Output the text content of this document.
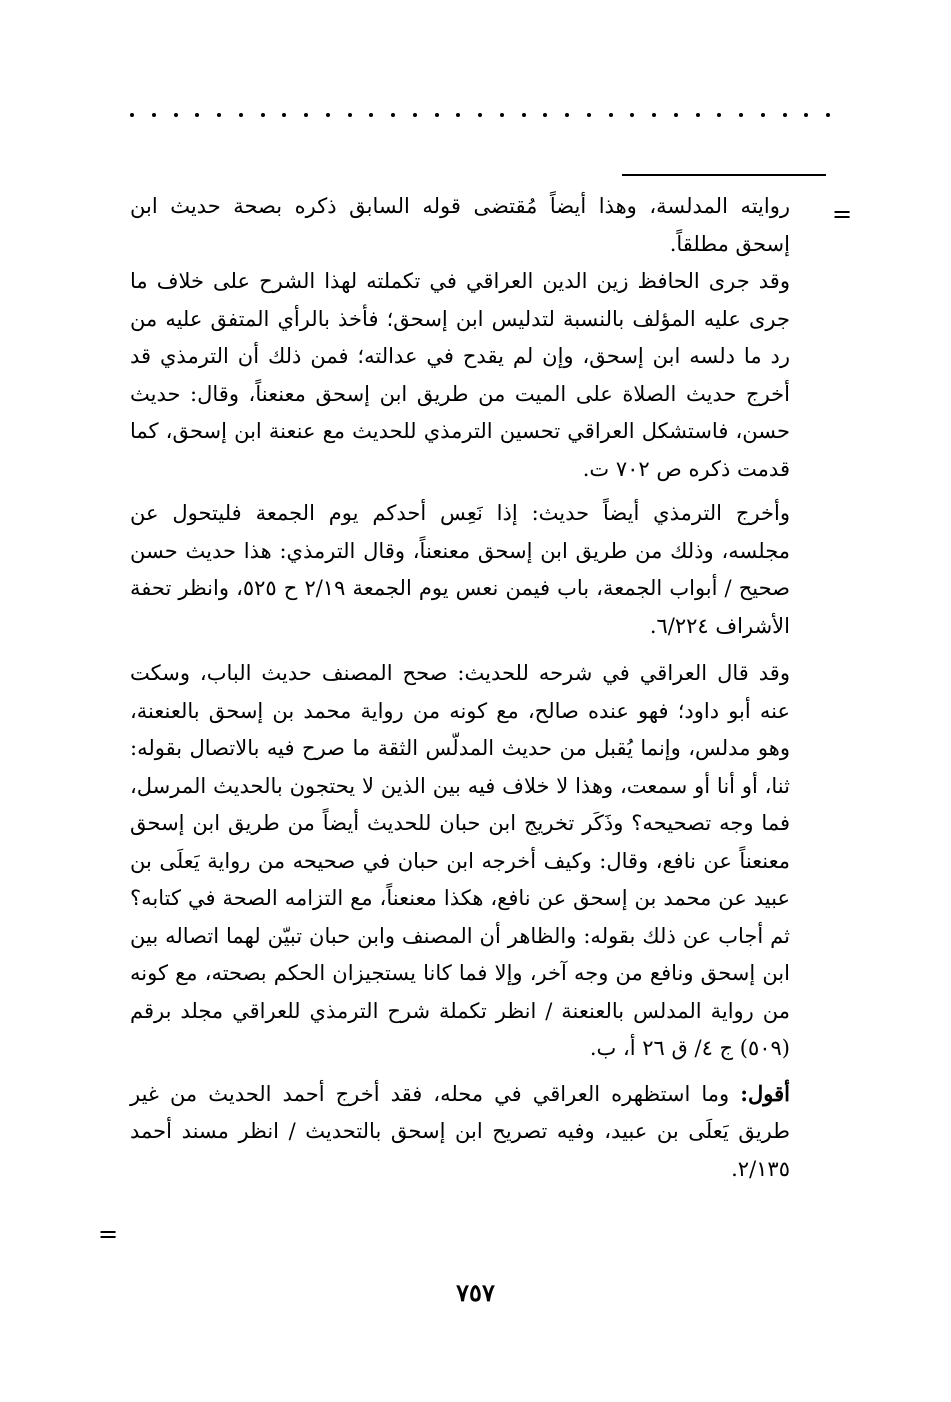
=

روايته المدلسة، وهذا أيضاً مُقتضى قوله السابق ذكره بصحة حديث ابن إسحق مطلقاً.

وقد جرى الحافظ زين الدين العراقي في تكملته لهذا الشرح على خلاف ما جرى عليه المؤلف بالنسبة لتدليس ابن إسحق؛ فأخذ بالرأي المتفق عليه من رد ما دلسه ابن إسحق، وإن لم يقدح في عدالته؛ فمن ذلك أن الترمذي قد أخرج حديث الصلاة على الميت من طريق ابن إسحق معنعناً، وقال: حديث حسن، فاستشكل العراقي تحسين الترمذي للحديث مع عنعنة ابن إسحق، كما قدمت ذكره ص ٧٠٢ ت.

وأخرج الترمذي أيضاً حديث: إذا نَعِس أحدكم يوم الجمعة فليتحول عن مجلسه، وذلك من طريق ابن إسحق معنعناً، وقال الترمذي: هذا حديث حسن صحيح / أبواب الجمعة، باب فيمن نعس يوم الجمعة ٢/١٩ ح ٥٢٥، وانظر تحفة الأشراف ٦/٢٢٤.

وقد قال العراقي في شرحه للحديث: صحح المصنف حديث الباب، وسكت عنه أبو داود؛ فهو عنده صالح، مع كونه من رواية محمد بن إسحق بالعنعنة، وهو مدلس، وإنما يُقبل من حديث المدلّس الثقة ما صرح فيه بالاتصال بقوله: ثنا، أو أنا أو سمعت، وهذا لا خلاف فيه بين الذين لا يحتجون بالحديث المرسل، فما وجه تصحيحه؟ وذَكَر تخريج ابن حبان للحديث أيضاً من طريق ابن إسحق معنعناً عن نافع، وقال: وكيف أخرجه ابن حبان في صحيحه من رواية يَعلَى بن عبيد عن محمد بن إسحق عن نافع، هكذا معنعناً، مع التزامه الصحة في كتابه؟ ثم أجاب عن ذلك بقوله: والظاهر أن المصنف وابن حبان تبيّن لهما اتصاله بين ابن إسحق ونافع من وجه آخر، وإلا فما كانا يستجيزان الحكم بصحته، مع كونه من رواية المدلس بالعنعنة / انظر تكملة شرح الترمذي للعراقي مجلد برقم (٥٠٩) ج ٤/ ق ٢٦ أ، ب.

أقول: وما استظهره العراقي في محله، فقد أخرج أحمد الحديث من غير طريق يَعلَى بن عبيد، وفيه تصريح ابن إسحق بالتحديث / انظر مسند أحمد ٢/١٣٥.

=
٧٥٧
